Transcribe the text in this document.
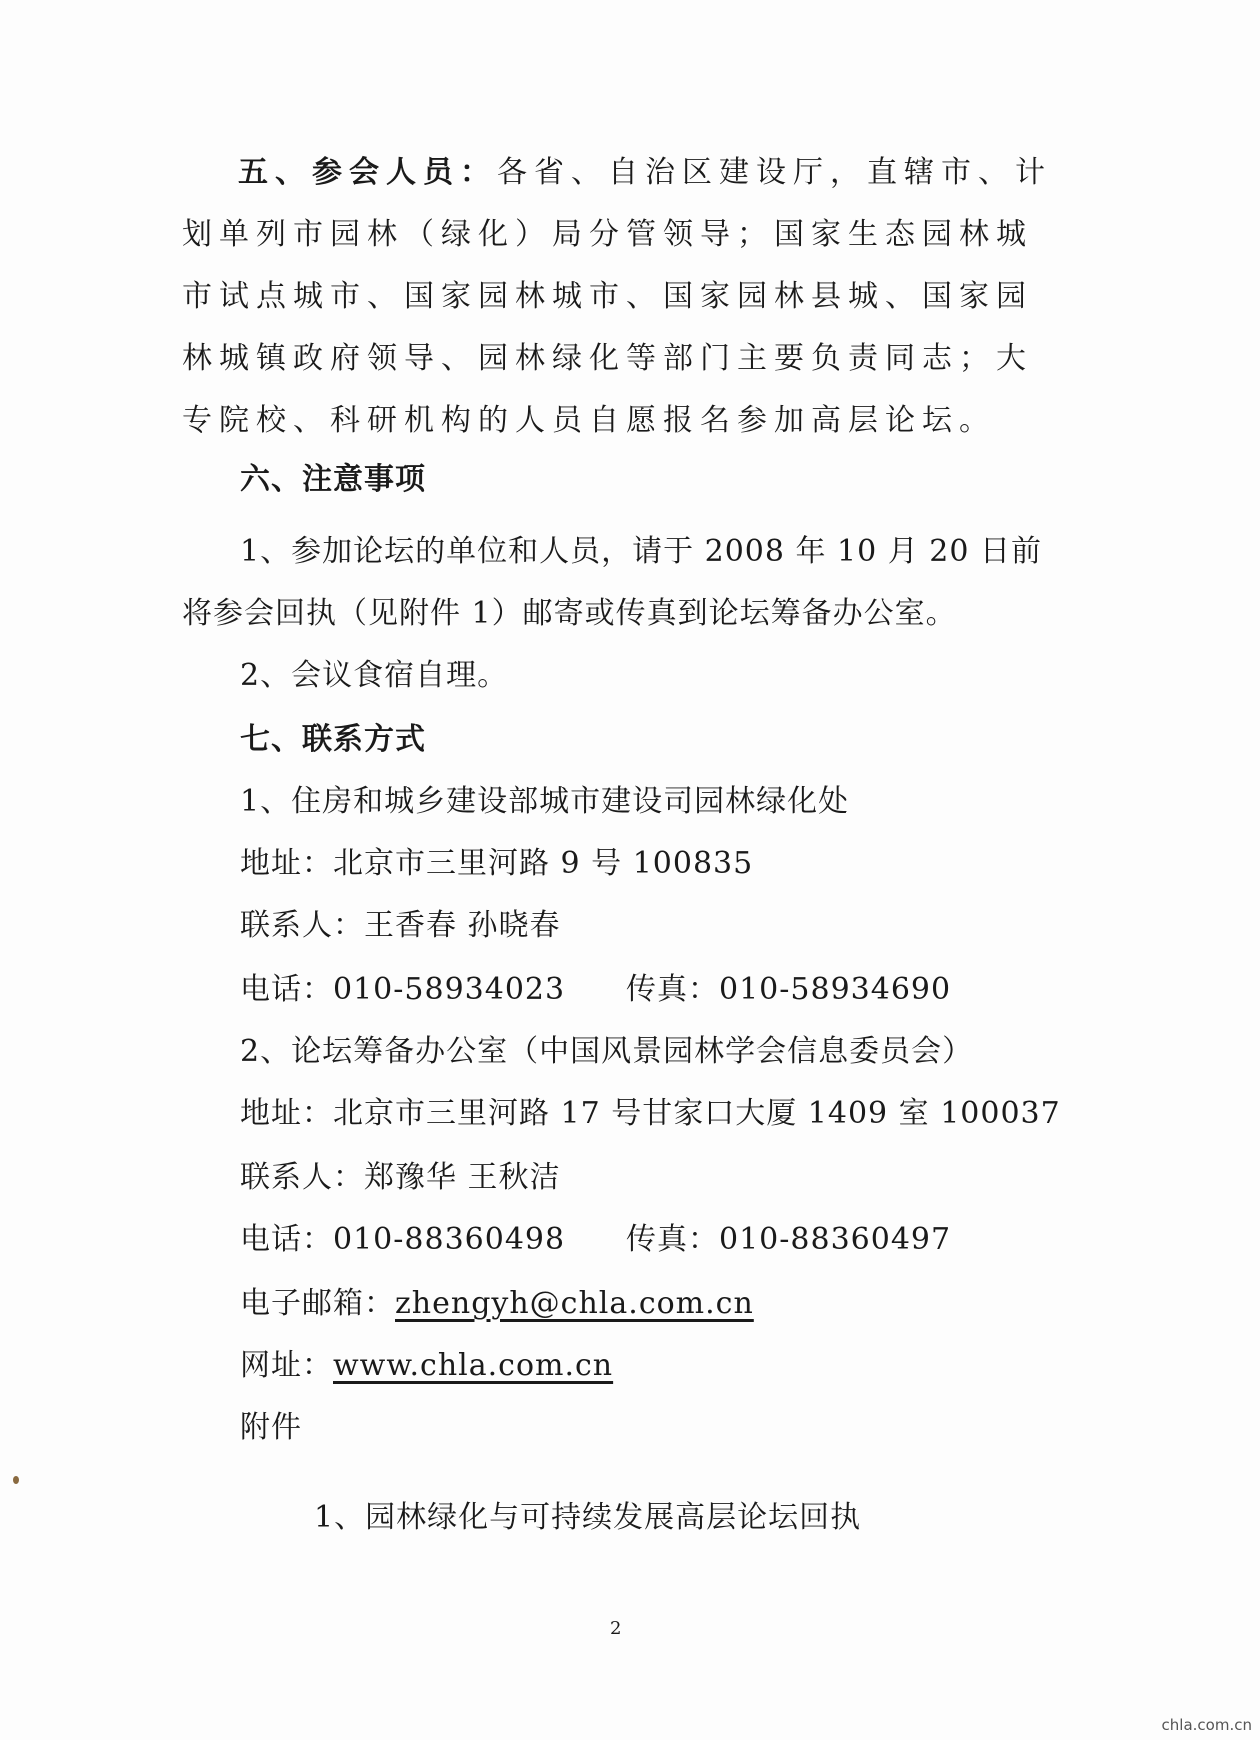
五、参会人员：各省、自治区建设厅，直辖市、计划单列市园林（绿化）局分管领导；国家生态园林城市试点城市、国家园林城市、国家园林县城、国家园林城镇政府领导、园林绿化等部门主要负责同志；大专院校、科研机构的人员自愿报名参加高层论坛。
六、注意事项
1、参加论坛的单位和人员，请于 2008 年 10 月 20 日前
将参会回执（见附件 1）邮寄或传真到论坛筹备办公室。
2、会议食宿自理。
七、联系方式
1、住房和城乡建设部城市建设司园林绿化处
地址：北京市三里河路 9 号 100835
联系人：王香春 孙晓春
电话：010-58934023 传真：010-58934690
2、论坛筹备办公室（中国风景园林学会信息委员会）
地址：北京市三里河路 17 号甘家口大厦 1409 室 100037
联系人：郑豫华 王秋洁
电话：010-88360498 传真：010-88360497
电子邮箱：zhengyh@chla.com.cn
网址：www.chla.com.cn
附件
1、园林绿化与可持续发展高层论坛回执
2
chla.com.cn
